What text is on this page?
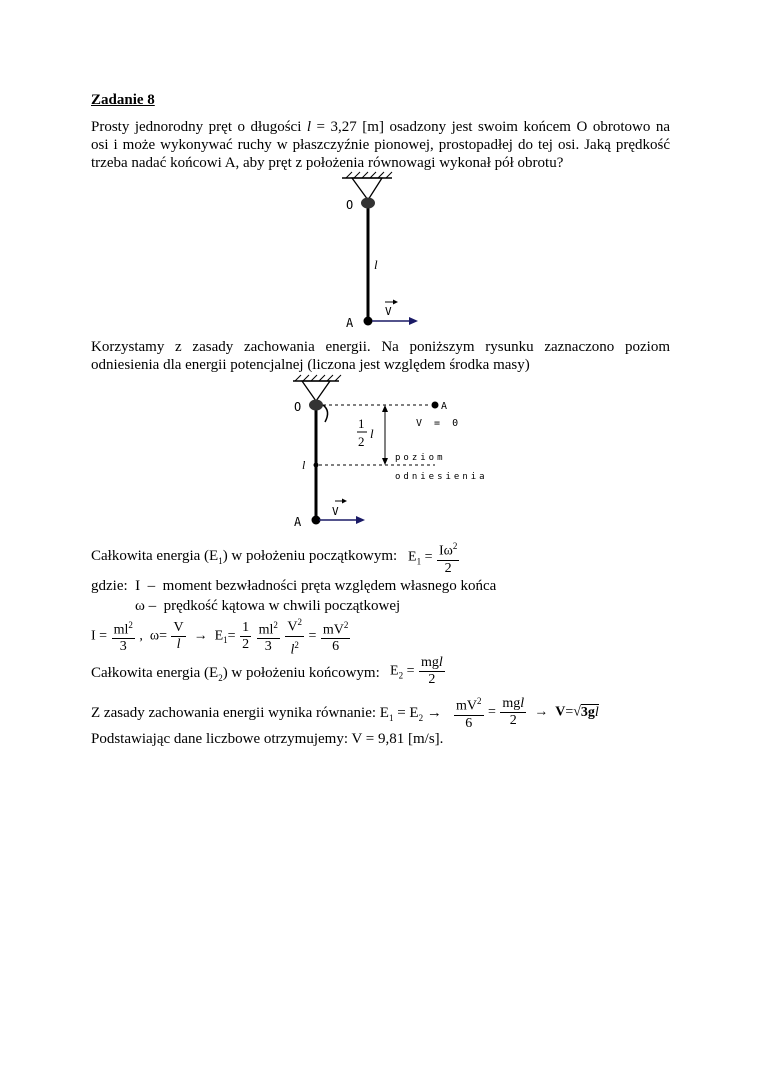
Zadanie 8
Prosty jednorodny pręt o długości l = 3,27 [m] osadzony jest swoim końcem O obrotowo na
osi i może wykonywać ruchy w płaszczyźnie pionowej, prostopadłej do tej osi. Jaką prędkość
trzeba nadać końcowi A, aby pręt z położenia równowagi wykonał pół obrotu?
O
l
V
A
Korzystamy z zasady zachowania energii. Na poniższym rysunku zaznaczono poziom
odniesienia dla energii potencjalnej (liczona jest względem środka masy)
O	A
V = 0
1
2
l
l	poziom
odniesienia
V
A
Całkowita energia $(E_1)$ w położeniu początkowym: $E_1 = \frac{I\omega^2}{2}$
gdzie: I – moment bezwładności pręta względem własnego końca
ω – prędkość kątowa w chwili początkowej
$I = \frac{ml^2}{3}$ , $\omega= \frac{V}{l} \to E_1= \frac{1}{2}$
$\frac{ml^2}{3}$
$\frac{V^2}{l^2} = \frac{mV^2}{6}$
Całkowita energia $(E_2)$ w położeniu końcowym: $E_2 = \frac{\text{mgl}}{2}$
Z zasady zachowania energii wynika równanie: $E_1 = E_2 \to \frac{mV^2}{6} = \frac{\text{mgl}}{2} \to V=√3gl$
Podstawiając dane liczbowe otrzymujemy: V = 9,81 [m/s].
